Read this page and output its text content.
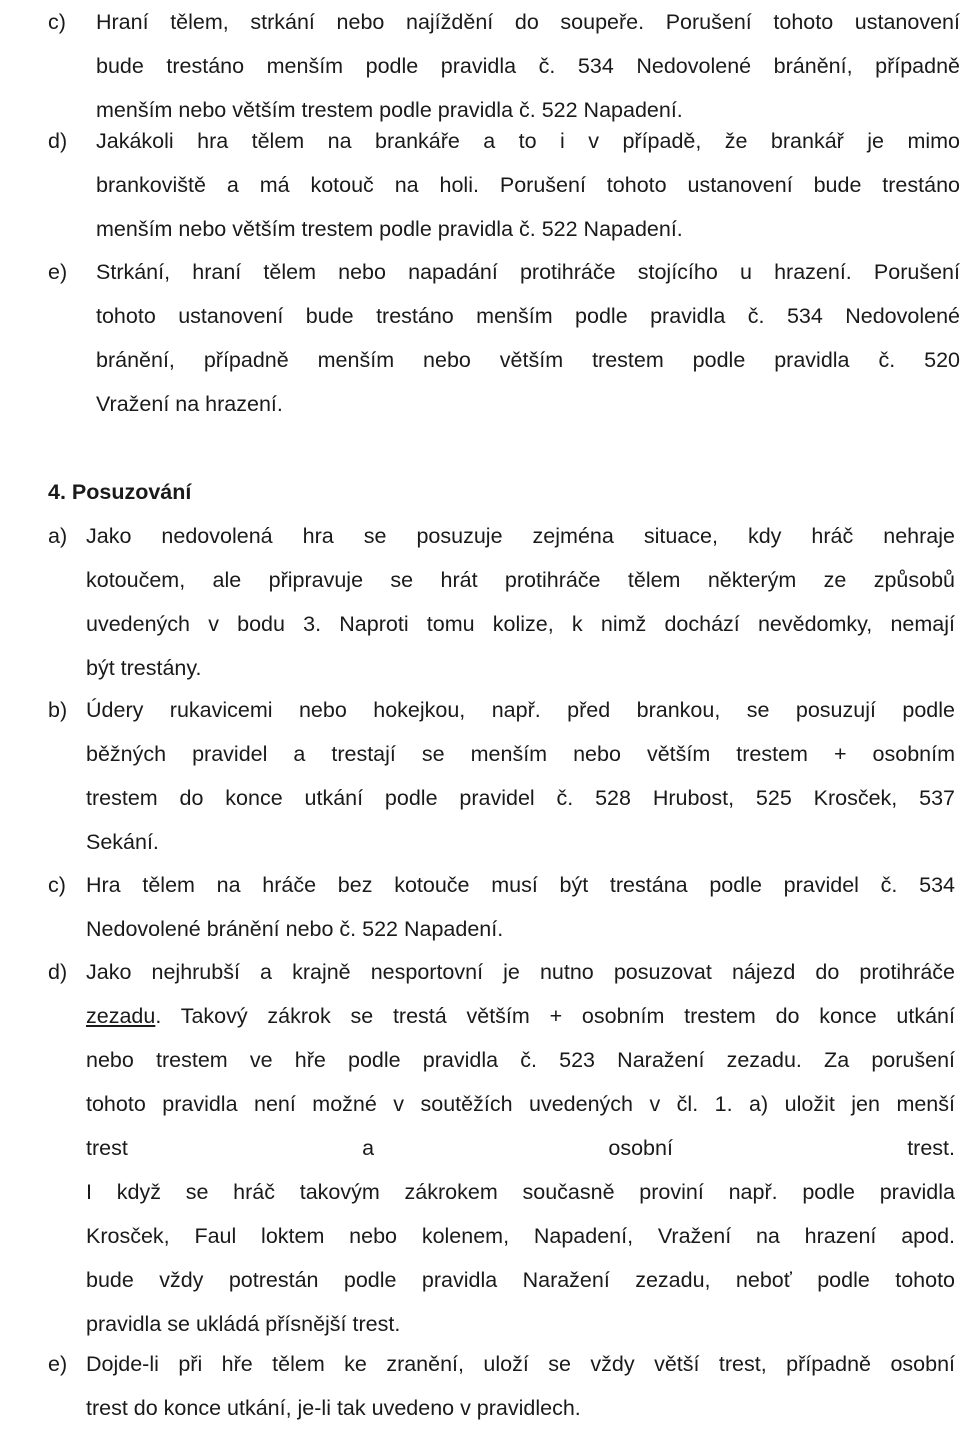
c) Hraní tělem, strkání nebo najíždění do soupeře. Porušení tohoto ustanovení
bude trestáno menším podle pravidla č. 534 Nedovolené bránění, případně
menším nebo větším trestem podle pravidla č. 522 Napadení.
d) Jakákoli hra tělem na brankáře a to i v případě, že brankář je mimo
brankoviště a má kotouč na holi. Porušení tohoto ustanovení bude trestáno
menším nebo větším trestem podle pravidla č. 522 Napadení.
e) Strkání, hraní tělem nebo napadání protihráče stojícího u hrazení. Porušení
tohoto ustanovení bude trestáno menším podle pravidla č. 534 Nedovolené
bránění, případně menším nebo větším trestem podle pravidla č. 520
Vražení na hrazení.
4. Posuzování
a) Jako nedovolená hra se posuzuje zejména situace, kdy hráč nehraje
kotoučem, ale připravuje se hrát protihráče tělem některým ze způsobů
uvedených v bodu 3. Naproti tomu kolize, k nimž dochází nevědomky, nemají
být trestány.
b) Údery rukavicemi nebo hokejkou, např. před brankou, se posuzují podle
běžných pravidel a trestají se menším nebo větším trestem + osobním
trestem do konce utkání podle pravidel č. 528 Hrubost, 525 Krosček, 537
Sekání.
c) Hra tělem na hráče bez kotouče musí být trestána podle pravidel č. 534
Nedovolené bránění nebo č. 522 Napadení.
d) Jako nejhrubší a krajně nesportovní je nutno posuzovat nájezd do protihráče
zezadu . Takový zákrok se trestá větším + osobním trestem do konce utkání
nebo trestem ve hře podle pravidla č. 523 Naražení zezadu. Za porušení
tohoto pravidla není možné v soutěžích uvedených v čl. 1. a) uložit jen menší
trest	a	osobní	trest.
I když se hráč takovým zákrokem současně proviní např. podle pravidla
Krosček, Faul loktem nebo kolenem, Napadení, Vražení na hrazení apod.
bude vždy potrestán podle pravidla Naražení zezadu, neboť podle tohoto
pravidla se ukládá přísnější trest.
e) Dojde-li při hře tělem ke zranění, uloží se vždy větší trest, případně osobní
trest do konce utkání, je-li tak uvedeno v pravidlech.
